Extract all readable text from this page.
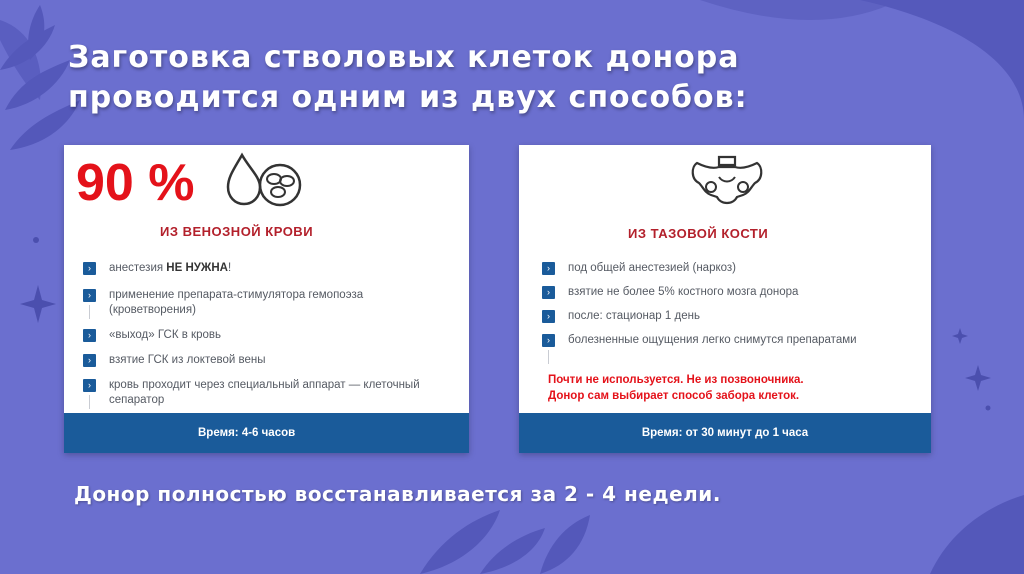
Заготовка стволовых клеток донора проводится одним из двух способов:
90 %
ИЗ ВЕНОЗНОЙ КРОВИ
›	анестезия НЕ НУЖНА!
›	применение препарата-стимулятора гемопоэза (кроветворения)
›	«выход» ГСК в кровь
›	взятие ГСК из локтевой вены
›	кровь проходит через специальный аппарат — клеточный сепаратор
Время: 4-6 часов
ИЗ ТАЗОВОЙ КОСТИ
›	под общей анестезией (наркоз)
›	взятие не более 5% костного мозга донора
›	после: стационар 1 день
›	болезненные ощущения легко снимутся препаратами
Почти не используется. Не из позвоночника.
Донор сам выбирает способ забора клеток.
Время: от 30 минут до 1 часа
Донор полностью восстанавливается за 2 - 4 недели.
